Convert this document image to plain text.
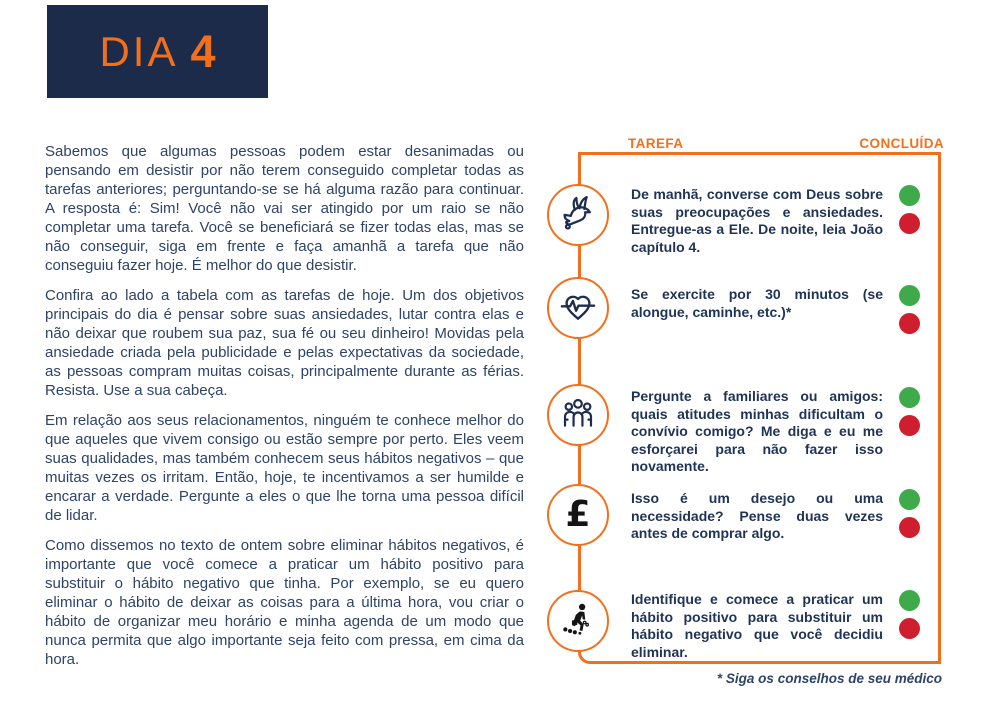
DIA 4

Sabemos que algumas pessoas podem estar desanimadas ou pensando em desistir por não terem conseguido completar todas as tarefas anteriores; perguntando-se se há alguma razão para continuar. A resposta é: Sim! Você não vai ser atingido por um raio se não completar uma tarefa. Você se beneficiará se fizer todas elas, mas se não conseguir, siga em frente e faça amanhã a tarefa que não conseguiu fazer hoje. É melhor do que desistir.

Confira ao lado a tabela com as tarefas de hoje. Um dos objetivos principais do dia é pensar sobre suas ansiedades, lutar contra elas e não deixar que roubem sua paz, sua fé ou seu dinheiro! Movidas pela ansiedade criada pela publicidade e pelas expectativas da sociedade, as pessoas compram muitas coisas, principalmente durante as férias. Resista. Use a sua cabeça.

Em relação aos seus relacionamentos, ninguém te conhece melhor do que aqueles que vivem consigo ou estão sempre por perto. Eles veem suas qualidades, mas também conhecem seus hábitos negativos – que muitas vezes os irritam. Então, hoje, te incentivamos a ser humilde e encarar a verdade. Pergunte a eles o que lhe torna uma pessoa difícil de lidar.

Como dissemos no texto de ontem sobre eliminar hábitos negativos, é importante que você comece a praticar um hábito positivo para substituir o hábito negativo que tinha. Por exemplo, se eu quero eliminar o hábito de deixar as coisas para a última hora, vou criar o hábito de organizar meu horário e minha agenda de um modo que nunca permita que algo importante seja feito com pressa, em cima da hora.

TAREFA	CONCLUÍDA
De manhã, converse com Deus sobre suas preocupações e ansiedades. Entregue-as a Ele. De noite, leia João capítulo 4.
Se exercite por 30 minutos (se alongue, caminhe, etc.)*
Pergunte a familiares ou amigos: quais atitudes minhas dificultam o convívio comigo? Me diga e eu me esforçarei para não fazer isso novamente.
£	Isso é um desejo ou uma necessidade? Pense duas vezes antes de comprar algo.
Identifique e comece a praticar um hábito positivo para substituir um hábito negativo que você decidiu eliminar.
* Siga os conselhos de seu médico
